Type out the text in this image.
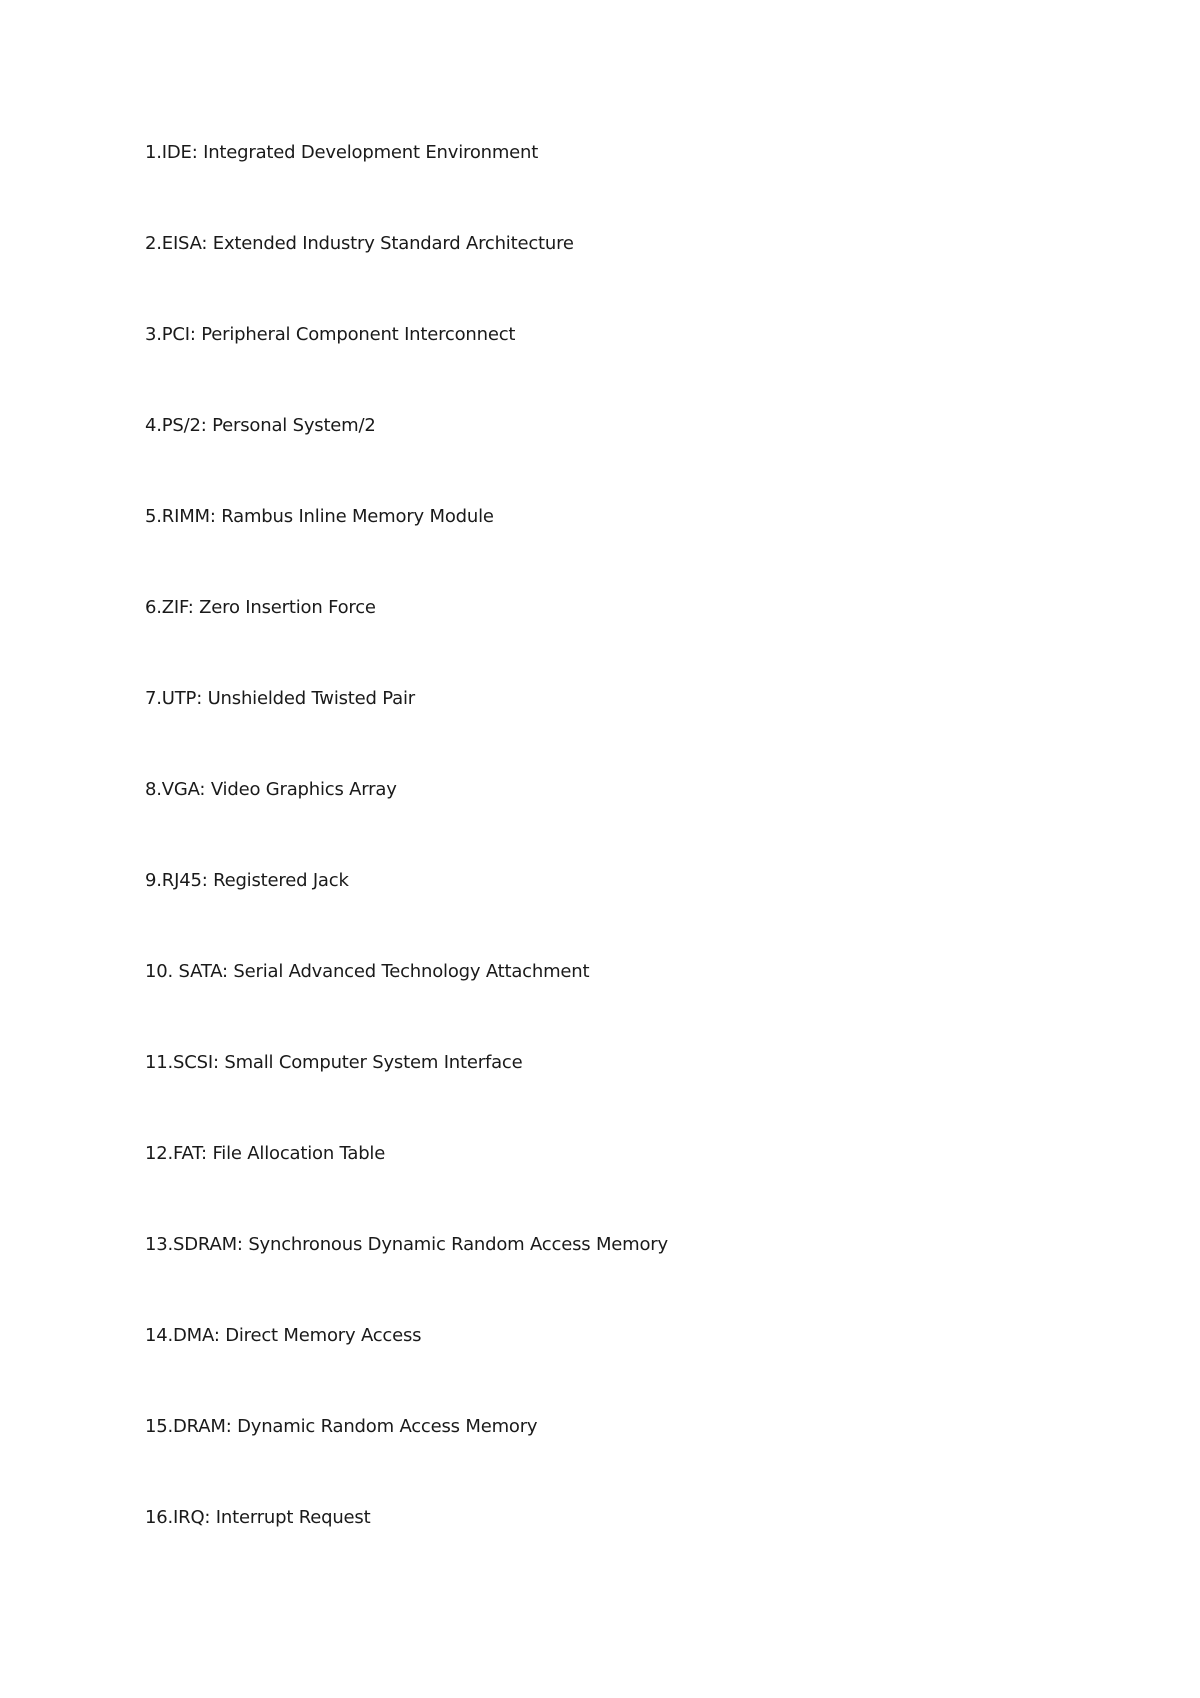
1.IDE: Integrated Development Environment
2.EISA: Extended Industry Standard Architecture
3.PCI: Peripheral Component Interconnect
4.PS/2: Personal System/2
5.RIMM: Rambus Inline Memory Module
6.ZIF: Zero Insertion Force
7.UTP: Unshielded Twisted Pair
8.VGA: Video Graphics Array
9.RJ45: Registered Jack
10. SATA: Serial Advanced Technology Attachment
11.SCSI: Small Computer System Interface
12.FAT: File Allocation Table
13.SDRAM: Synchronous Dynamic Random Access Memory
14.DMA: Direct Memory Access
15.DRAM: Dynamic Random Access Memory
16.IRQ: Interrupt Request
